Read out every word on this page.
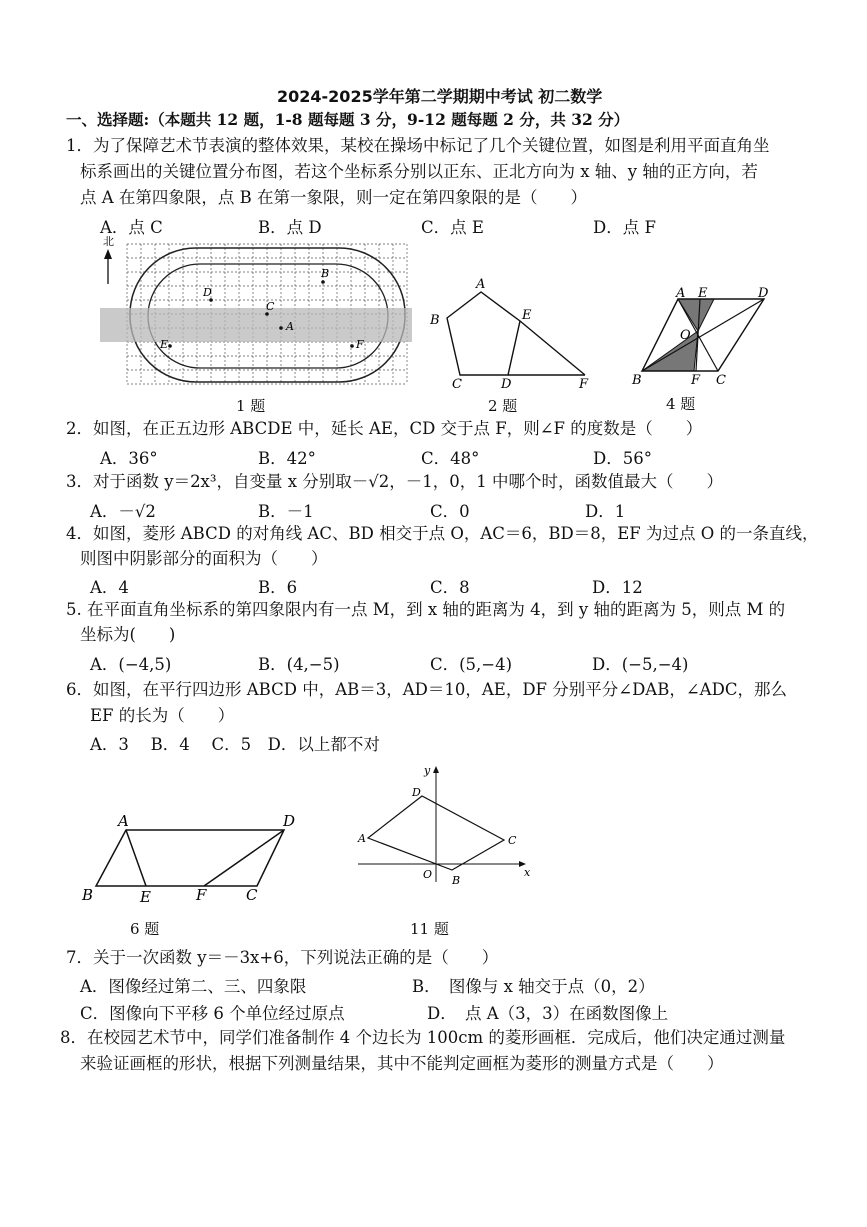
2024-2025学年第二学期期中考试 初二数学
一、选择题:（本题共 12 题，1-8 题每题 3 分，9-12 题每题 2 分，共 32 分）
1．为了保障艺术节表演的整体效果，某校在操场中标记了几个关键位置，如图是利用平面直角坐
标系画出的关键位置分布图，若这个坐标系分别以正东、正北方向为 x 轴、y 轴的正方向，若
点 A 在第四象限，点 B 在第一象限，则一定在第四象限的是（　　）
A．点 C	B．点 D	C．点 E	D．点 F
北
B
D
C
A
E	F
1 题
A
B	E
C	D	F
2 题
A E	D
O
B	F C
4 题
2．如图，在正五边形 ABCDE 中，延长 AE，CD 交于点 F，则∠F 的度数是（　　）
A．36°	B．42°	C．48°	D．56°
3．对于函数 y＝2x³，自变量 x 分别取－√2，－1，0，1 中哪个时，函数值最大（　　）
A．－√2	B．－1	C．0	D．1
4．如图，菱形 ABCD 的对角线 AC、BD 相交于点 O，AC＝6，BD＝8，EF 为过点 O 的一条直线，
则图中阴影部分的面积为（　　）
A．4	B．6	C．8	D．12
5. 在平面直角坐标系的第四象限内有一点 M，到 x 轴的距离为 4，到 y 轴的距离为 5，则点 M 的
坐标为(　　)
A．(−4,5)	B．(4,−5)	C．(5,−4)	D．(−5,−4)
6．如图，在平行四边形 ABCD 中，AB＝3，AD＝10，AE，DF 分别平分∠DAB，∠ADC，那么
EF 的长为（　　）
A．3　 B．4　 C．5　D．以上都不对
A	D
B	E	F	C
6 题
y
D
A	C
O B
x
11 题
7．关于一次函数 y＝－3x+6，下列说法正确的是（　　）
A．图像经过第二、三、四象限	B．　图像与 x 轴交于点（0，2）
C．图像向下平移 6 个单位经过原点	D．　点 A（3，3）在函数图像上
8．在校园艺术节中，同学们准备制作 4 个边长为 100cm 的菱形画框．完成后，他们决定通过测量
来验证画框的形状，根据下列测量结果，其中不能判定画框为菱形的测量方式是（　　）
